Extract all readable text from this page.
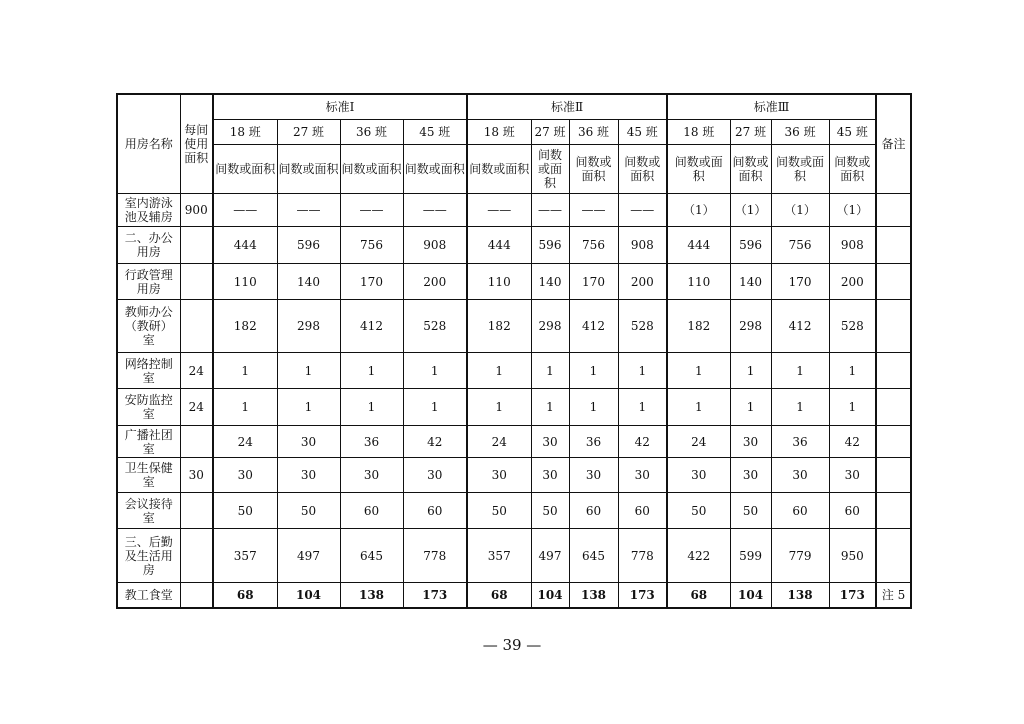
用房名称	每间使用面积	标准Ⅰ				标准Ⅱ				标准Ⅲ				备注
		18 班	27 班	36 班	45 班	18 班	27 班	36 班	45 班	18 班	27 班	36 班	45 班	
		间数或面积	间数或面积	间数或面积	间数或面积	间数或面积	间数或面积	间数或面积	间数或面积	间数或面积	间数或面积	间数或面积	间数或面积	
室内游泳池及辅房	900	——	——	——	——	——	——	——	——	（1）	（1）	（1）	（1）	
二、办公用房		444	596	756	908	444	596	756	908	444	596	756	908	
行政管理用房		110	140	170	200	110	140	170	200	110	140	170	200	
教师办公（教研）室		182	298	412	528	182	298	412	528	182	298	412	528	
网络控制室	24	1	1	1	1	1	1	1	1	1	1	1	1	
安防监控室	24	1	1	1	1	1	1	1	1	1	1	1	1	
广播社团室		24	30	36	42	24	30	36	42	24	30	36	42	
卫生保健室	30	30	30	30	30	30	30	30	30	30	30	30	30	
会议接待室		50	50	60	60	50	50	60	60	50	50	60	60	
三、后勤及生活用房		357	497	645	778	357	497	645	778	422	599	779	950	
教工食堂		68	104	138	173	68	104	138	173	68	104	138	173	注 5
— 39 —
